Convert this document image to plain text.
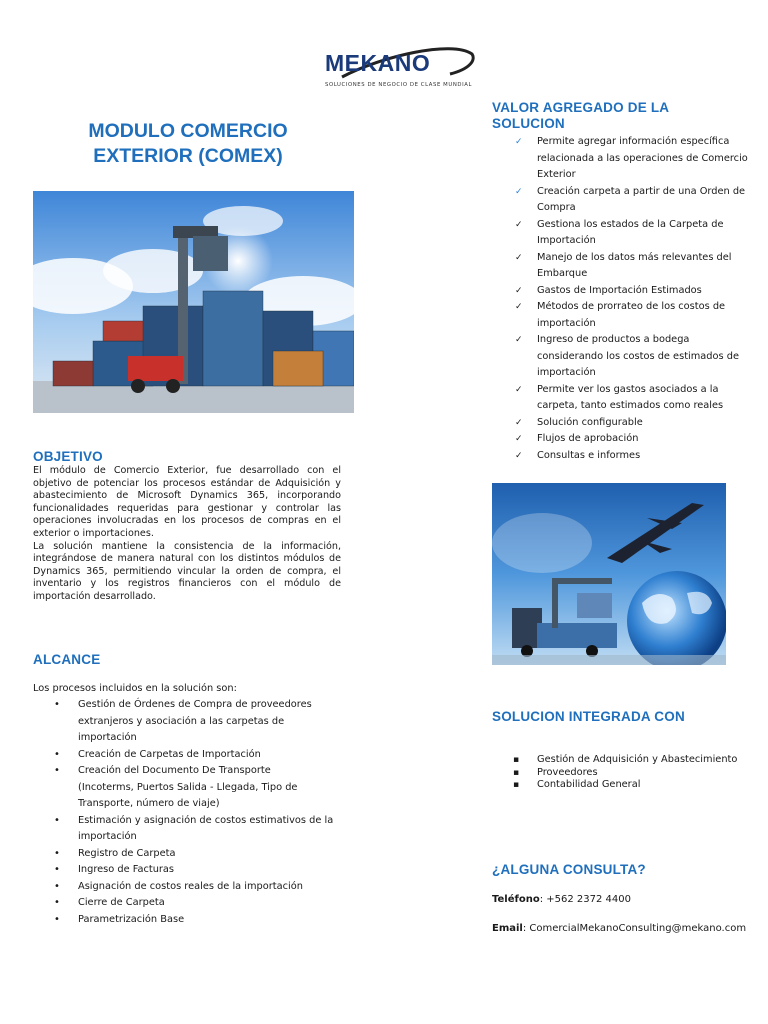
MEKANO
SOLUCIONES DE NEGOCIO DE CLASE MUNDIAL
MODULO COMERCIO
EXTERIOR (COMEX)
OBJETIVO
El módulo de Comercio Exterior, fue desarrollado con el objetivo de potenciar los procesos estándar de Adquisición y abastecimiento de Microsoft Dynamics 365, incorporando funcionalidades requeridas para gestionar y controlar las operaciones involucradas en los procesos de compras en el exterior o importaciones.
La solución mantiene la consistencia de la información, integrándose de manera natural con los distintos módulos de Dynamics 365, permitiendo vincular la orden de compra, el inventario y los registros financieros con el módulo de importación desarrollado.
ALCANCE
Los procesos incluidos en la solución son:
• Gestión de Órdenes de Compra de proveedores extranjeros y asociación a las carpetas de importación
• Creación de Carpetas de Importación
• Creación del Documento De Transporte (Incoterms, Puertos Salida - Llegada, Tipo de Transporte, número de viaje)
• Estimación y asignación de costos estimativos de la importación
• Registro de Carpeta
• Ingreso de Facturas
• Asignación de costos reales de la importación
• Cierre de Carpeta
• Parametrización Base
VALOR AGREGADO DE LA
SOLUCION
✓ Permite agregar información específica relacionada a las operaciones de Comercio Exterior
✓ Creación carpeta a partir de una Orden de Compra
✓ Gestiona los estados de la Carpeta de Importación
✓ Manejo de los datos más relevantes del Embarque
✓ Gastos de Importación Estimados
✓ Métodos de prorrateo de los costos de importación
✓ Ingreso de productos a bodega considerando los costos de estimados de importación
✓ Permite ver los gastos asociados a la carpeta, tanto estimados como reales
✓ Solución configurable
✓ Flujos de aprobación
✓ Consultas e informes
SOLUCION INTEGRADA CON
▪ Gestión de Adquisición y Abastecimiento
▪ Proveedores
▪ Contabilidad General
¿ALGUNA CONSULTA?
Teléfono: +562 2372 4400
Email: ComercialMekanoConsulting@mekano.com
